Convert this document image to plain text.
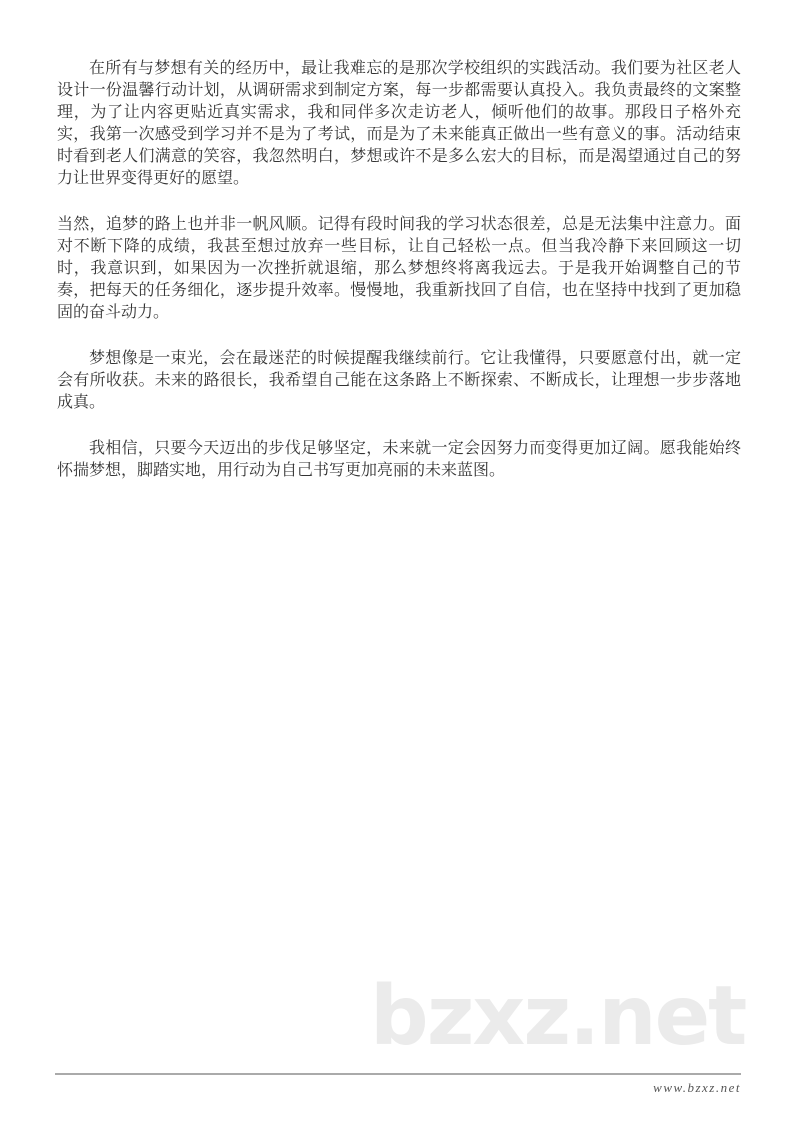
在所有与梦想有关的经历中，最让我难忘的是那次学校组织的实践活动。我们要为社区老人设计一份温馨行动计划，从调研需求到制定方案，每一步都需要认真投入。我负责最终的文案整理，为了让内容更贴近真实需求，我和同伴多次走访老人，倾听他们的故事。那段日子格外充实，我第一次感受到学习并不是为了考试，而是为了未来能真正做出一些有意义的事。活动结束时看到老人们满意的笑容，我忽然明白，梦想或许不是多么宏大的目标，而是渴望通过自己的努力让世界变得更好的愿望。

当然，追梦的路上也并非一帆风顺。记得有段时间我的学习状态很差，总是无法集中注意力。面对不断下降的成绩，我甚至想过放弃一些目标，让自己轻松一点。但当我冷静下来回顾这一切时，我意识到，如果因为一次挫折就退缩，那么梦想终将离我远去。于是我开始调整自己的节奏，把每天的任务细化，逐步提升效率。慢慢地，我重新找回了自信，也在坚持中找到了更加稳固的奋斗动力。

梦想像是一束光，会在最迷茫的时候提醒我继续前行。它让我懂得，只要愿意付出，就一定会有所收获。未来的路很长，我希望自己能在这条路上不断探索、不断成长，让理想一步步落地成真。

我相信，只要今天迈出的步伐足够坚定，未来就一定会因努力而变得更加辽阔。愿我能始终怀揣梦想，脚踏实地，用行动为自己书写更加亮丽的未来蓝图。

bzxz.net
www.bzxz.net
